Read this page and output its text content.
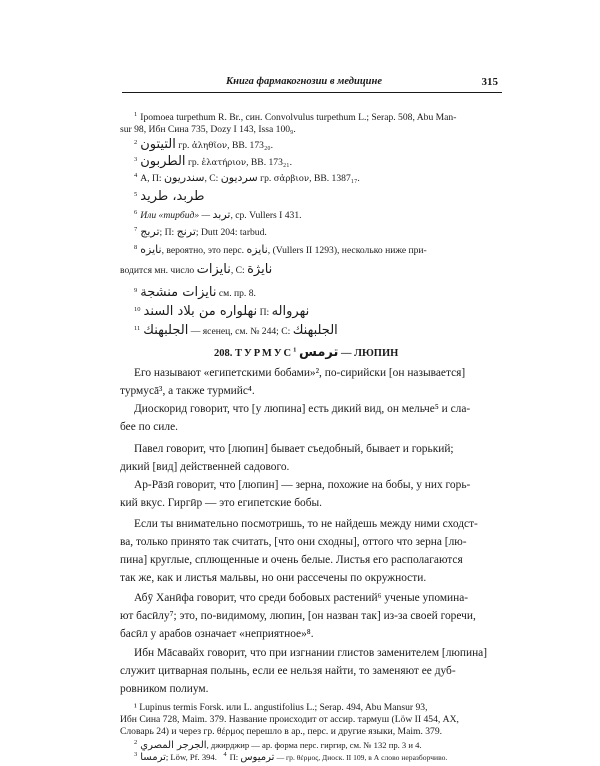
Книга фармакогнозии в медицине	315
$^1$ Ipomoea turpethum R. Br., син. Convolvulus turpethum L.; Serap. 508, Abu Man-
sur 98, Ибн Сина 735, Dozy I 143, Issa 100₉.
$^2$ التيتون гр. ἀληθῖον, BB. 173₂₀.
$^3$ الطربون гр. ἐλατήριον, BB. 173₂₁.
$^4$ А, П: سندريون, С: سرديون гр. σἁρβιον, BB. 1387₁₇.
$^5$ طربد، طريد
$^6$ Или «тирбид» — تربد, ср. Vullers I 431.
$^7$ تربج; П: ترنج; Dutt 204: tarbud.
$^8$ نايزه, вероятно, это перс. نايزه, (Vullers II 1293), несколько ниже при-
водится мн. число نايزات, С: نايژة
$^9$ نايزات منشجة см. пр. 8.
$^{10}$ نهلواره من بلاد السند П: نهرواله
$^{11}$ الجلبهنك — ясенец, см. № 244; С: الجلبهنك
208. ТУРМУС$^1$ ترمس — ЛЮПИН
Его называют «египетскими бобами»², по-сирийски [он называется]
турмусā³, а также турмийс⁴.
Диоскорид говорит, что [у люпина] есть дикий вид, он мельче⁵ и сла-
бее по силе.
Павел говорит, что [люпин] бывает съедобный, бывает и горький;
дикий [вид] действенней садового.
Ар-Рāзӣ говорит, что [люпин] — зерна, похожие на бобы, у них горь-
кий вкус. Гиргӣр — это египетские бобы.
Если ты внимательно посмотришь, то не найдешь между ними сходст-
ва, только принято так считать, [что они сходны], оттого что зерна [лю-
пина] круглые, сплющенные и очень белые. Листья его располагаются
так же, как и листья мальвы, но они рассечены по окружности.
Абӯ Ханӣфа говорит, что среди бобовых растений⁶ ученые упомина-
ют басӣлу⁷; это, по-видимому, люпин, [он назван так] из-за своей горечи,
басӣл у арабов означает «неприятное»⁸.
Ибн Мāсавайх говорит, что при изгнании глистов заменителем [люпина]
служит цитварная полынь, если ее нельзя найти, то заменяют ее дуб-
ровником полиум.
¹ Lupinus termis Forsk. или L. angustifolius L.; Serap. 494, Abu Mansur 93,
Ибн Сина 728, Maim. 379. Название происходит от ассир. тармуш (Löw II 454, АХ,
Словарь 24) и через гр. θέρμος перешло в ар., перс. и другие языки, Maim. 379.
$^2$ الجرجر المصري, джирджир — ар. форма перс. гиргир, см. № 132 пр. 3 и 4.
$^3$ ترمسا; Löw, Pf. 394. $^4$ П: ترميوس — гр. θέρμος, Диоск. II 109, в А слово неразборчиво.
